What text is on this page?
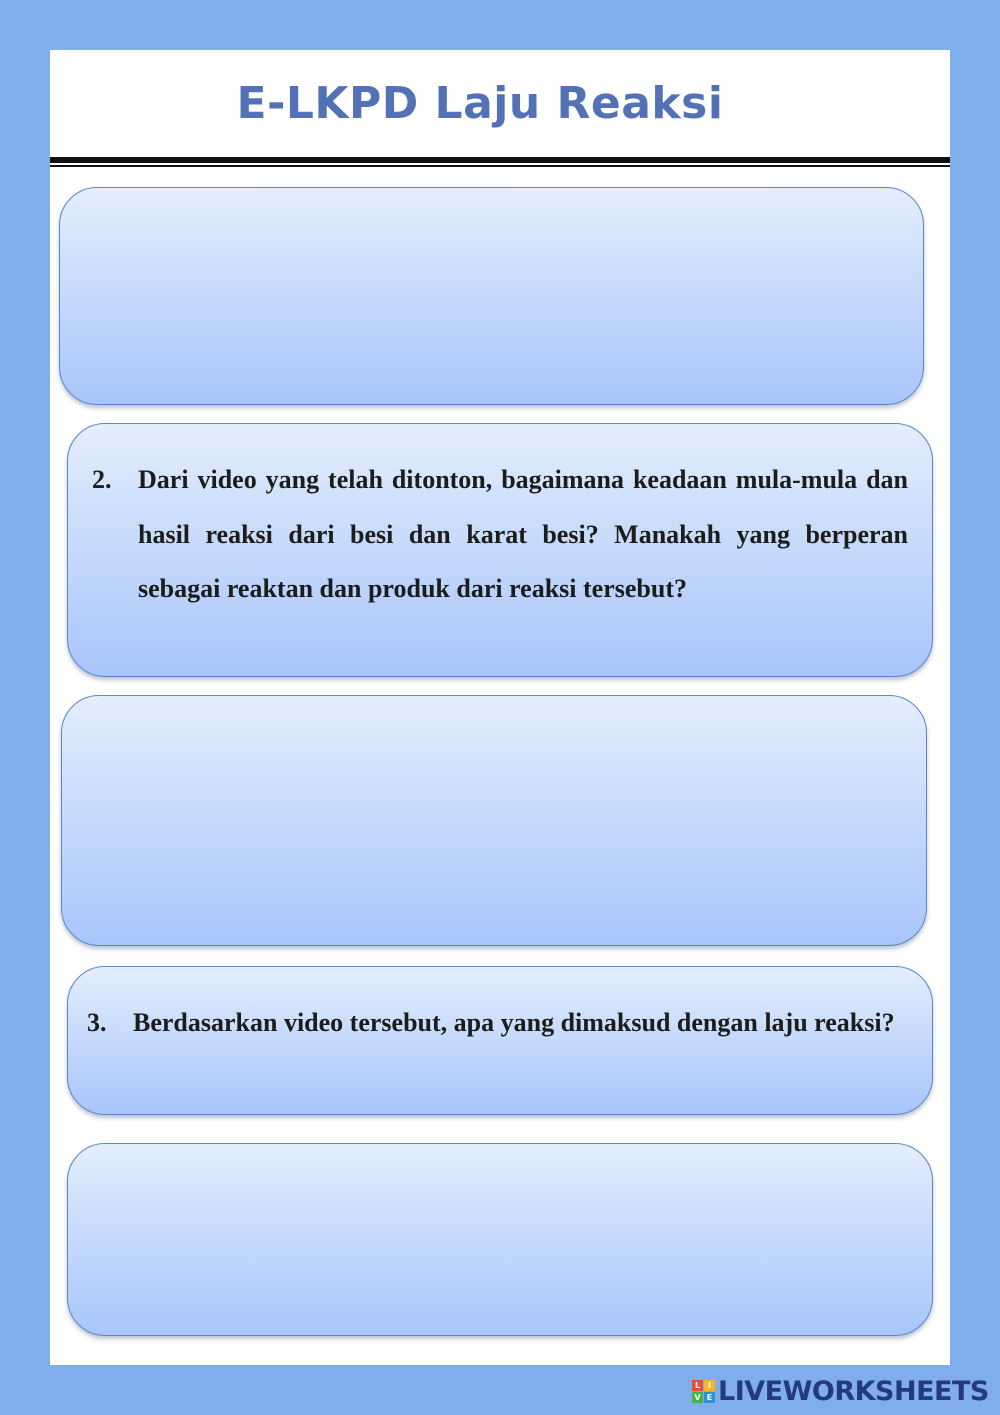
E-LKPD Laju Reaksi
2. Dari video yang telah ditonton, bagaimana keadaan mula-mula dan hasil reaksi dari besi dan karat besi? Manakah yang berperan sebagai reaktan dan produk dari reaksi tersebut?
3. Berdasarkan video tersebut, apa yang dimaksud dengan laju reaksi?
L I
V E LIVEWORKSHEETS
